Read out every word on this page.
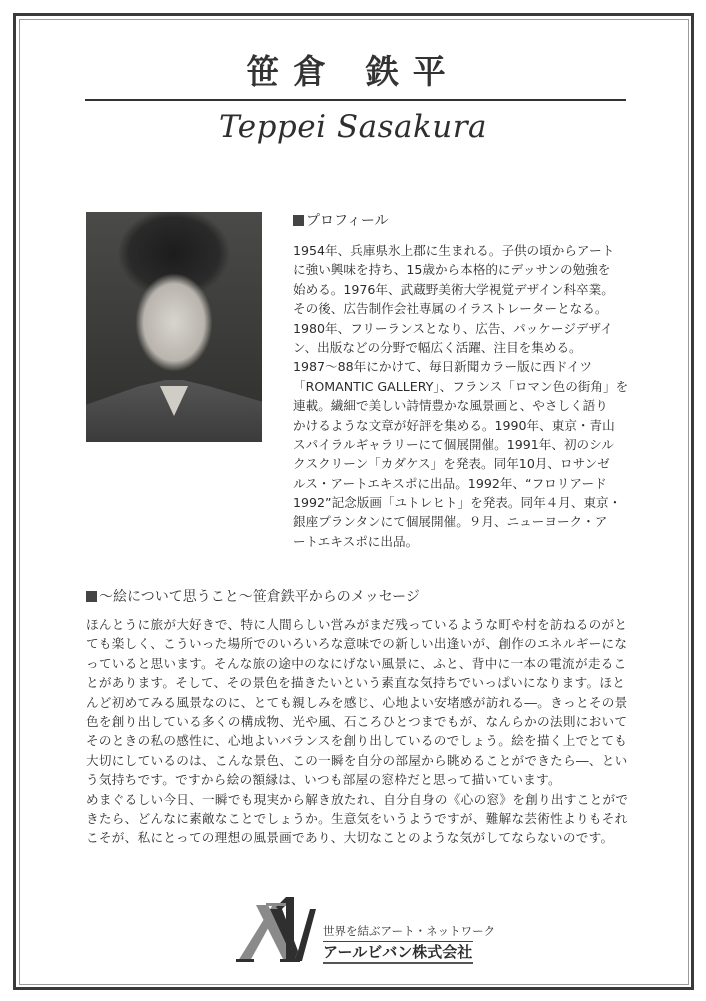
笹倉 鉄平
Teppei Sasakura
プロフィール
1954年、兵庫県氷上郡に生まれる。子供の頃からアート
に強い興味を持ち、15歳から本格的にデッサンの勉強を
始める。1976年、武蔵野美術大学視覚デザイン科卒業。
その後、広告制作会社専属のイラストレーターとなる。
1980年、フリーランスとなり、広告、パッケージデザイ
ン、出版などの分野で幅広く活躍、注目を集める。
1987〜88年にかけて、毎日新聞カラー版に西ドイツ
「ROMANTIC GALLERY」、フランス「ロマン色の街角」を
連載。繊細で美しい詩情豊かな風景画と、やさしく語り
かけるような文章が好評を集める。1990年、東京・青山
スパイラルギャラリーにて個展開催。1991年、初のシル
クスクリーン「カダケス」を発表。同年10月、ロサンゼ
ルス・アートエキスポに出品。1992年、“フロリアード
1992”記念版画「ユトレヒト」を発表。同年４月、東京・
銀座プランタンにて個展開催。９月、ニューヨーク・ア
ートエキスポに出品。
〜絵について思うこと〜笹倉鉄平からのメッセージ
ほんとうに旅が大好きで、特に人間らしい営みがまだ残っているような町や村を訪ねるのがと
ても楽しく、こういった場所でのいろいろな意味での新しい出逢いが、創作のエネルギーにな
っていると思います。そんな旅の途中のなにげない風景に、ふと、背中に一本の電流が走るこ
とがあります。そして、その景色を描きたいという素直な気持ちでいっぱいになります。ほと
んど初めてみる風景なのに、とても親しみを感じ、心地よい安堵感が訪れる―。きっとその景
色を創り出している多くの構成物、光や風、石ころひとつまでもが、なんらかの法則において
そのときの私の感性に、心地よいバランスを創り出しているのでしょう。絵を描く上でとても
大切にしているのは、こんな景色、この一瞬を自分の部屋から眺めることができたら―、とい
う気持ちです。ですから絵の額縁は、いつも部屋の窓枠だと思って描いています。
めまぐるしい今日、一瞬でも現実から解き放たれ、自分自身の《心の窓》を創り出すことがで
きたら、どんなに素敵なことでしょうか。生意気をいうようですが、難解な芸術性よりもそれ
こそが、私にとっての理想の風景画であり、大切なことのような気がしてならないのです。
世界を結ぶアート・ネットワーク
アールビバン株式会社
